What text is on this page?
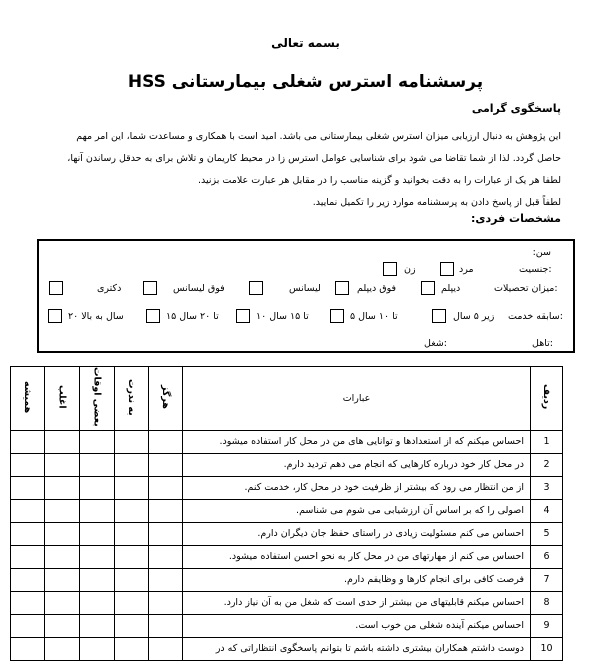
بسمه تعالی
پرسشنامه استرس شغلی بیمارستانی HSS
پاسخگوی گرامی
این پژوهش به دنبال ارزیابی میزان استرس شغلی بیمارستانی می باشد. امید است با همکاری و مساعدت شما، این امر مهم
حاصل گردد. لذا از شما تقاضا می شود برای شناسایی عوامل استرس زا در محیط کاریمان و تلاش برای به حدقل رساندن آنها،
لطفا هر یک از عبارات را به دقت بخوانید و گزینه مناسب را در مقابل هر عبارت علامت بزنید.
لطفاً قبل از پاسخ دادن به پرسشنامه موارد زیر را تکمیل نمایید.
مشخصات فردی:
سن:
جنسیت:
مرد
زن
میزان تحصیلات:
دیپلم
فوق دیپلم
لیسانس
فوق لیسانس
دکتری
سابقه خدمت:
زیر ۵ سال
۵ تا ۱۰ سال
۱۰ تا ۱۵ سال
۱۵ تا ۲۰ سال
۲۰ سال به بالا
تاهل:
شغل:
همیشه	اغلب	بعضی اوقات	به ندرت	هرگز	عبارات	ردیف
					احساس میکنم که از استعدادها و توانایی های من در محل کار استفاده میشود.	1
					در محل کار خود درباره کارهایی که انجام می دهم تردید دارم.	2
					از من انتظار می رود که بیشتر از ظرفیت خود در محل کار، خدمت کنم.	3
					اصولی را که بر اساس آن ارزشیابی می شوم می شناسم.	4
					احساس می کنم مسئولیت زیادی در راستای حفظ جان دیگران دارم.	5
					احساس می کنم از مهارتهای من در محل کار به نحو احسن استفاده میشود.	6
					فرصت کافی برای انجام کارها و وظایفم دارم.	7
					احساس میکنم قابلیتهای من بیشتر از حدی است که شغل من به آن نیاز دارد.	8
					احساس میکنم آینده شغلی من خوب است.	9
					دوست داشتم همکاران بیشتری داشته باشم تا بتوانم پاسخگوی انتظاراتی که در	10
